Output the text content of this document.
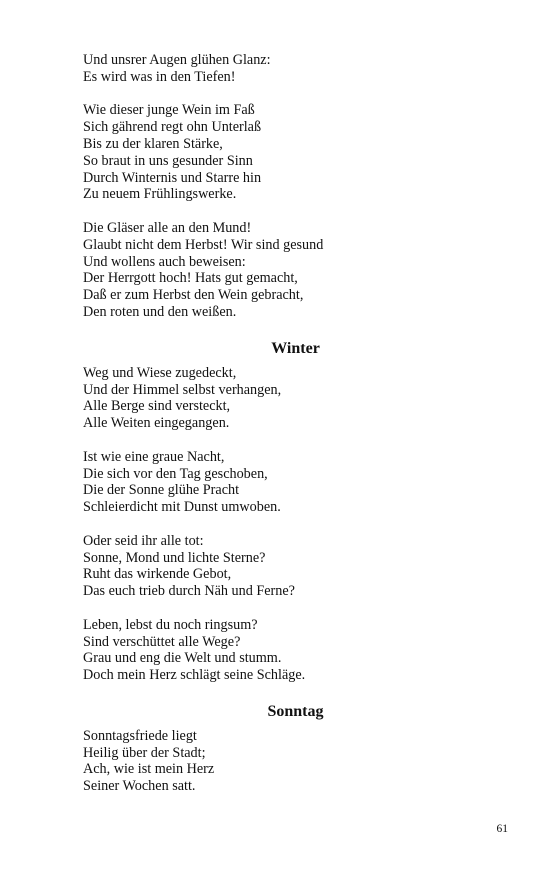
Und unsrer Augen glühen Glanz:
Es wird was in den Tiefen!
Wie dieser junge Wein im Faß
Sich gährend regt ohn Unterlaß
Bis zu der klaren Stärke,
So braut in uns gesunder Sinn
Durch Winternis und Starre hin
Zu neuem Frühlingswerke.
Die Gläser alle an den Mund!
Glaubt nicht dem Herbst! Wir sind gesund
Und wollens auch beweisen:
Der Herrgott hoch! Hats gut gemacht,
Daß er zum Herbst den Wein gebracht,
Den roten und den weißen.
Winter
Weg und Wiese zugedeckt,
Und der Himmel selbst verhangen,
Alle Berge sind versteckt,
Alle Weiten eingegangen.
Ist wie eine graue Nacht,
Die sich vor den Tag geschoben,
Die der Sonne glühe Pracht
Schleierdicht mit Dunst umwoben.
Oder seid ihr alle tot:
Sonne, Mond und lichte Sterne?
Ruht das wirkende Gebot,
Das euch trieb durch Näh und Ferne?
Leben, lebst du noch ringsum?
Sind verschüttet alle Wege?
Grau und eng die Welt und stumm.
Doch mein Herz schlägt seine Schläge.
Sonntag
Sonntagsfriede liegt
Heilig über der Stadt;
Ach, wie ist mein Herz
Seiner Wochen satt.
61
